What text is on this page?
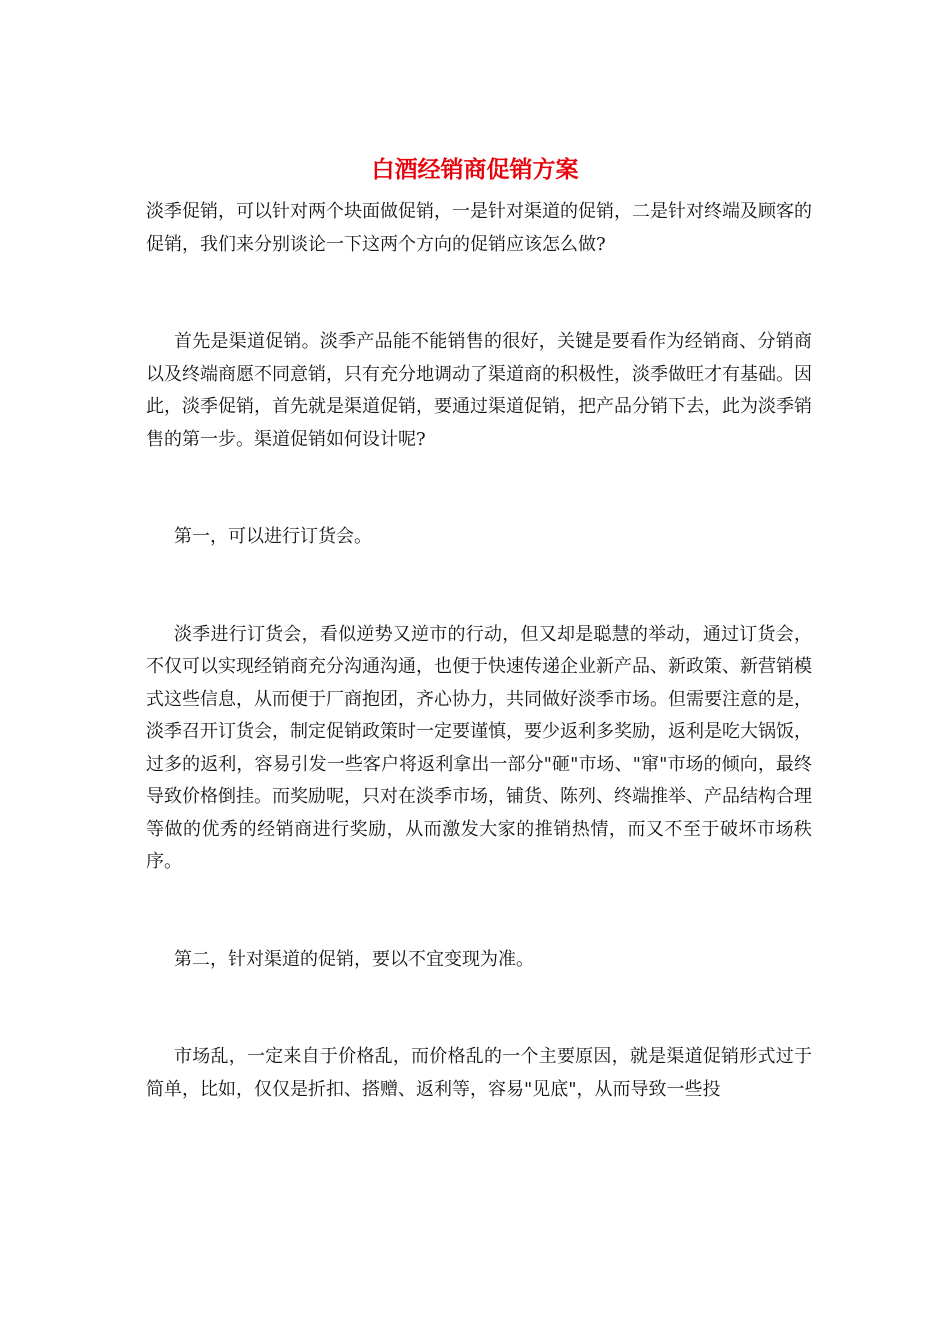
白酒经销商促销方案

淡季促销，可以针对两个块面做促销，一是针对渠道的促销，二是针对终端及顾客的促销，我们来分别谈论一下这两个方向的促销应该怎么做?

首先是渠道促销。淡季产品能不能销售的很好，关键是要看作为经销商、分销商以及终端商愿不同意销，只有充分地调动了渠道商的积极性，淡季做旺才有基础。因此，淡季促销，首先就是渠道促销，要通过渠道促销，把产品分销下去，此为淡季销售的第一步。渠道促销如何设计呢?

第一，可以进行订货会。

淡季进行订货会，看似逆势又逆市的行动，但又却是聪慧的举动，通过订货会，不仅可以实现经销商充分沟通沟通，也便于快速传递企业新产品、新政策、新营销模式这些信息，从而便于厂商抱团，齐心协力，共同做好淡季市场。但需要注意的是，淡季召开订货会，制定促销政策时一定要谨慎，要少返利多奖励，返利是吃大锅饭，过多的返利，容易引发一些客户将返利拿出一部分"砸"市场、"窜"市场的倾向，最终导致价格倒挂。而奖励呢，只对在淡季市场，铺货、陈列、终端推举、产品结构合理等做的优秀的经销商进行奖励，从而激发大家的推销热情，而又不至于破坏市场秩序。

第二，针对渠道的促销，要以不宜变现为准。

市场乱，一定来自于价格乱，而价格乱的一个主要原因，就是渠道促销形式过于简单，比如，仅仅是折扣、搭赠、返利等，容易"见底"，从而导致一些投
